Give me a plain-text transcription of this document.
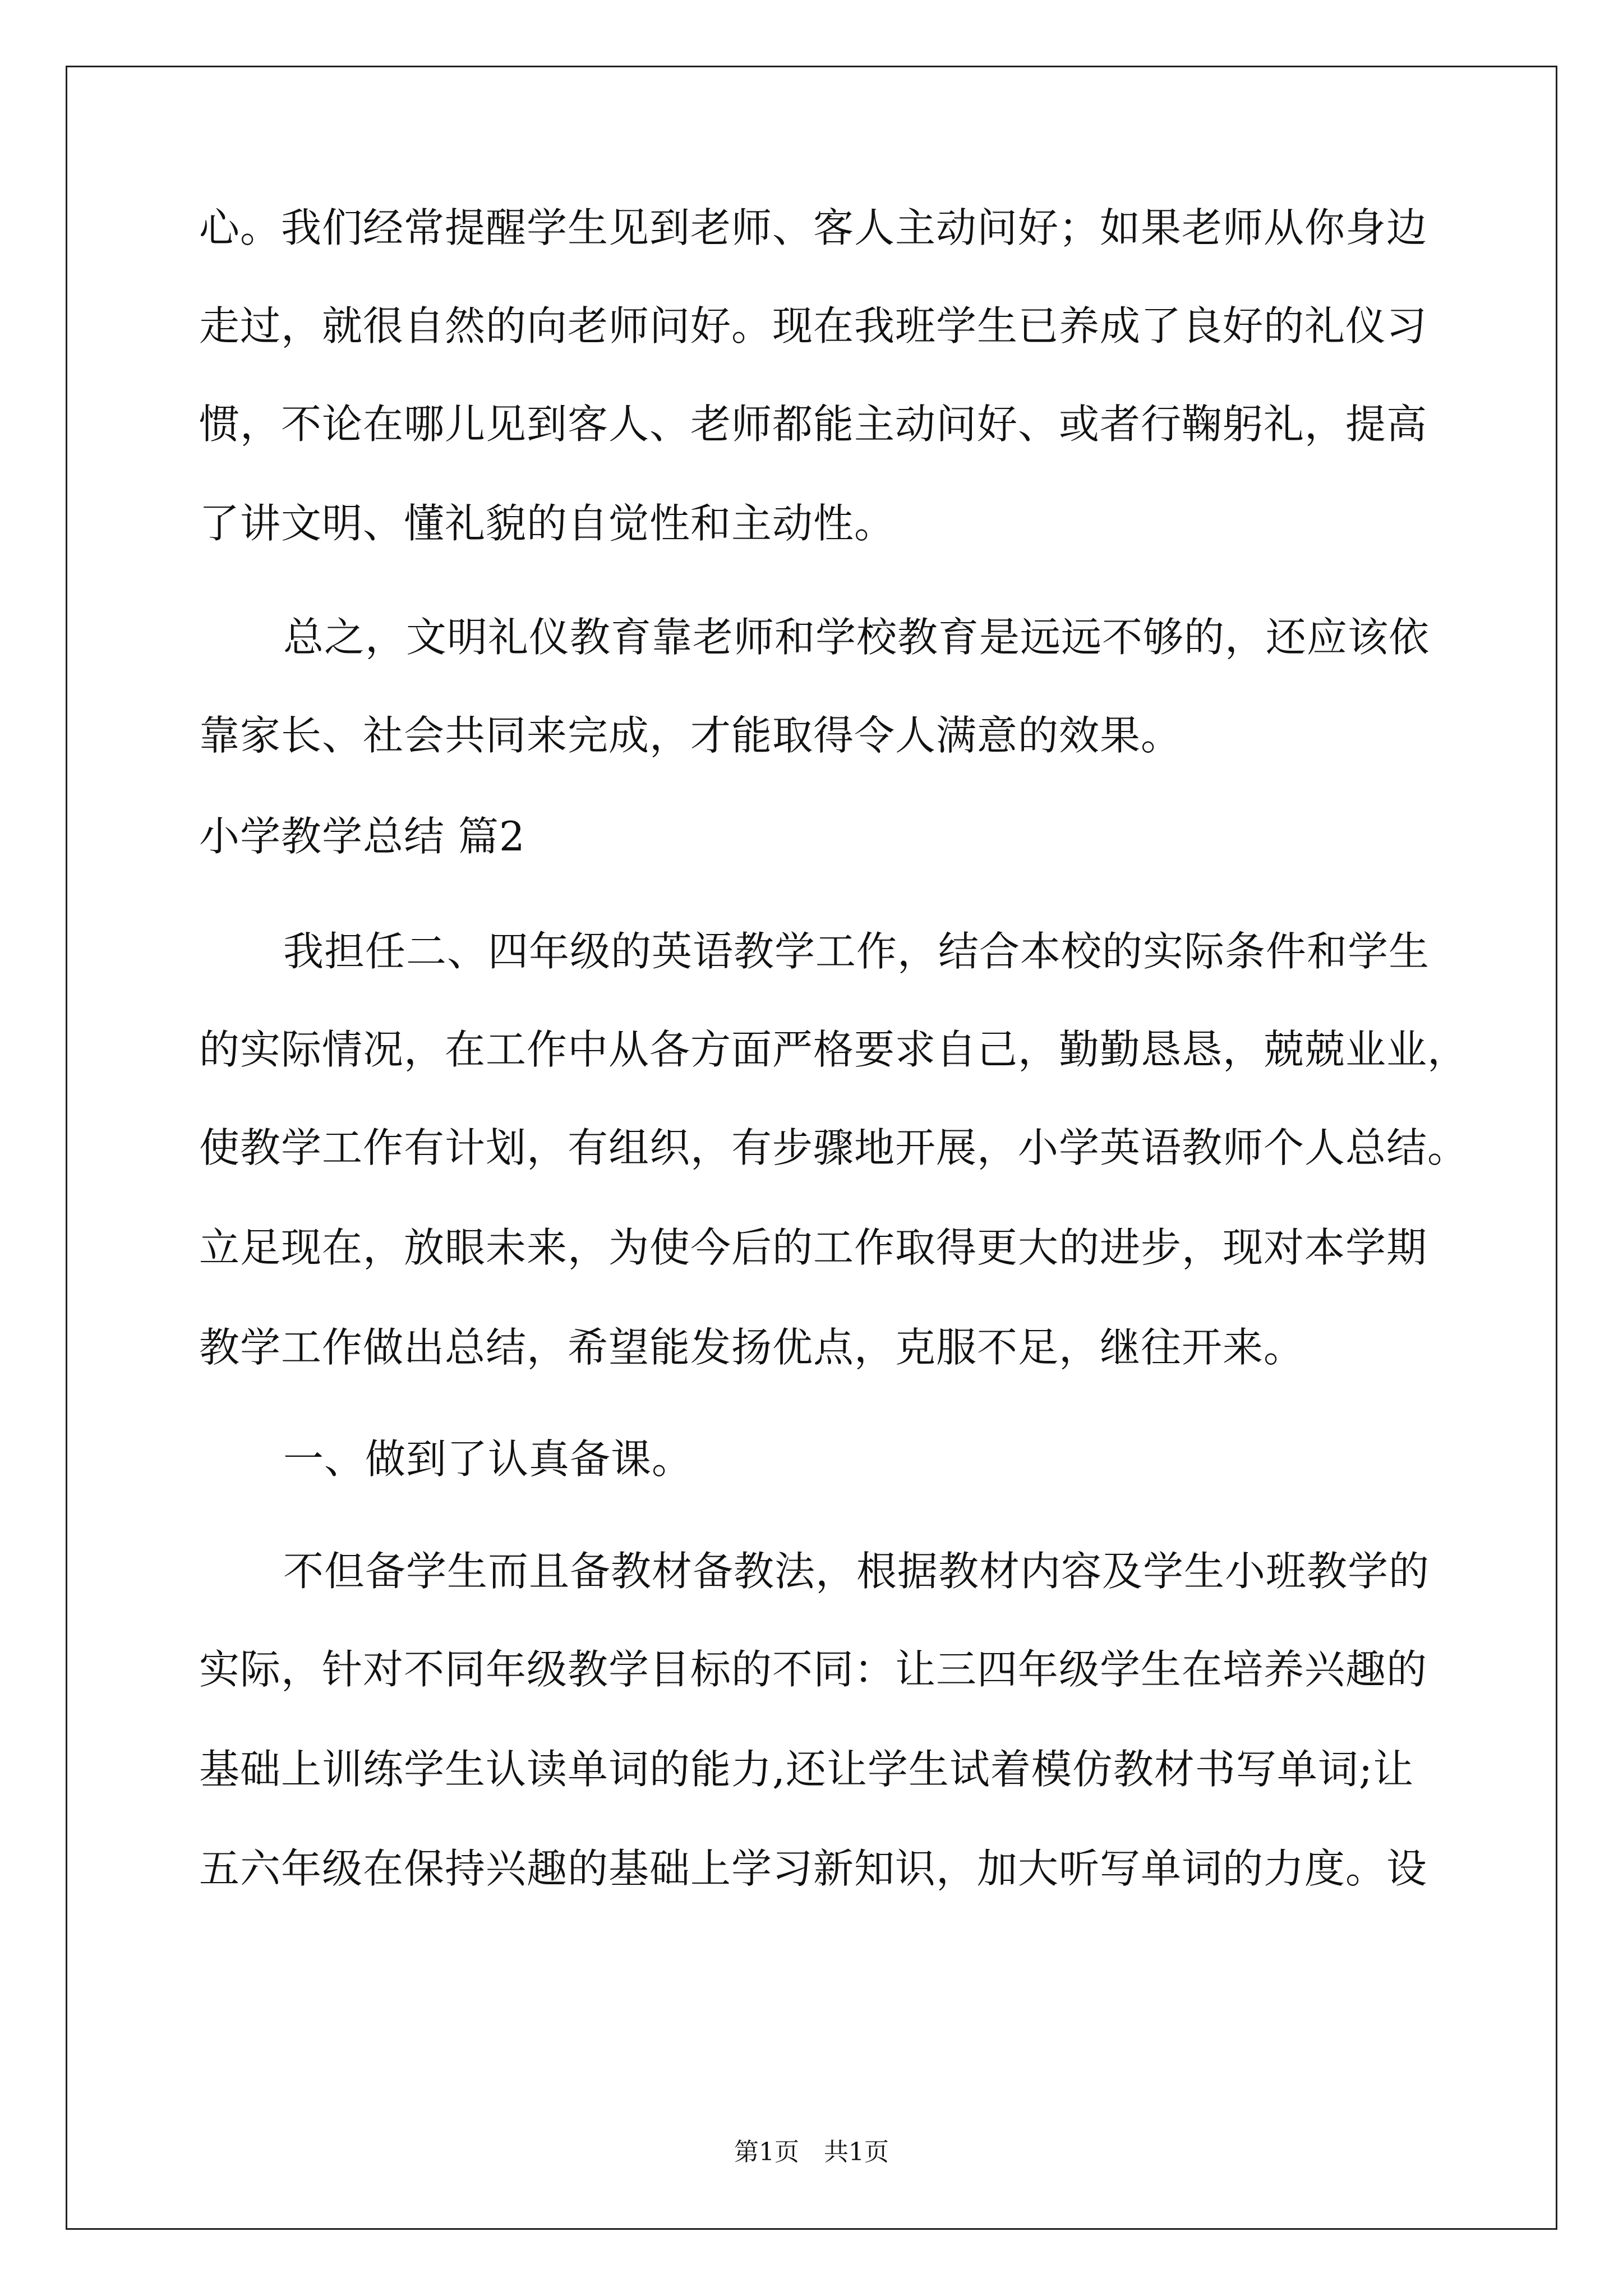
心。我们经常提醒学生见到老师、客人主动问好；如果老师从你身边
走过，就很自然的向老师问好。现在我班学生已养成了良好的礼仪习
惯，不论在哪儿见到客人、老师都能主动问好、或者行鞠躬礼，提高
了讲文明、懂礼貌的自觉性和主动性。
总之，文明礼仪教育靠老师和学校教育是远远不够的，还应该依
靠家长、社会共同来完成，才能取得令人满意的效果。
小学教学总结 篇2
我担任二、四年级的英语教学工作，结合本校的实际条件和学生
的实际情况，在工作中从各方面严格要求自己，勤勤恳恳，兢兢业业，
使教学工作有计划，有组织，有步骤地开展，小学英语教师个人总结。
立足现在，放眼未来，为使今后的工作取得更大的进步，现对本学期
教学工作做出总结，希望能发扬优点，克服不足，继往开来。
一、做到了认真备课。
不但备学生而且备教材备教法，根据教材内容及学生小班教学的
实际，针对不同年级教学目标的不同：让三四年级学生在培养兴趣的
基础上训练学生认读单词的能力,还让学生试着模仿教材书写单词;让
五六年级在保持兴趣的基础上学习新知识，加大听写单词的力度。设
第1页　共1页
